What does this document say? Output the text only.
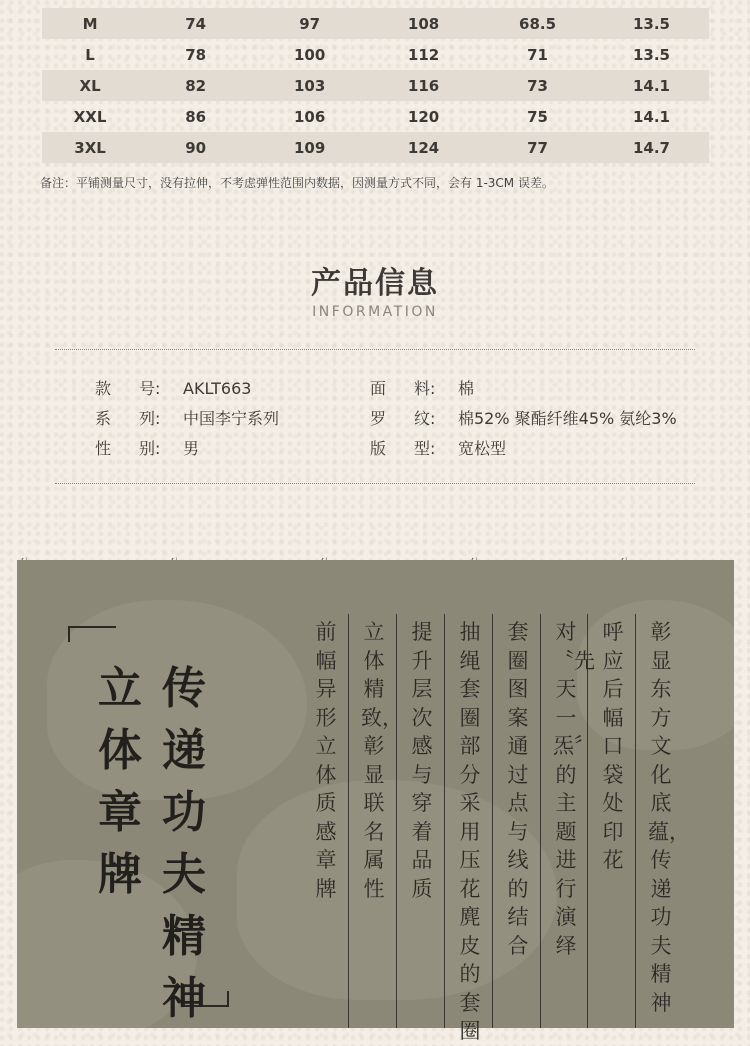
M	74	97	108	68.5	13.5
L	78	100	112	71	13.5
XL	82	103	116	73	14.1
XXL	86	106	120	75	14.1
3XL	90	109	124	77	14.7
备注：平铺测量尺寸，没有拉伸，不考虑弹性范围内数据，因测量方式不同，会有 1-3CM 误差。
产品信息
INFORMATION
款 号: AKLT663	面 料: 棉
系 列: 中国李宁系列	罗 纹: 棉52% 聚酯纤维45% 氨纶3%
性 别: 男	版 型: 宽松型
传递功夫精神
立体章牌
彰显东方文化底蕴，传递功夫精神
呼应后幅口袋处印花
对〝先天一炁〞的主题进行演绎
套圈图案通过点与线的结合
抽绳套圈部分采用压花麂皮的套圈
提升层次感与穿着品质
立体精致，彰显联名属性
前幅异形立体质感章牌
